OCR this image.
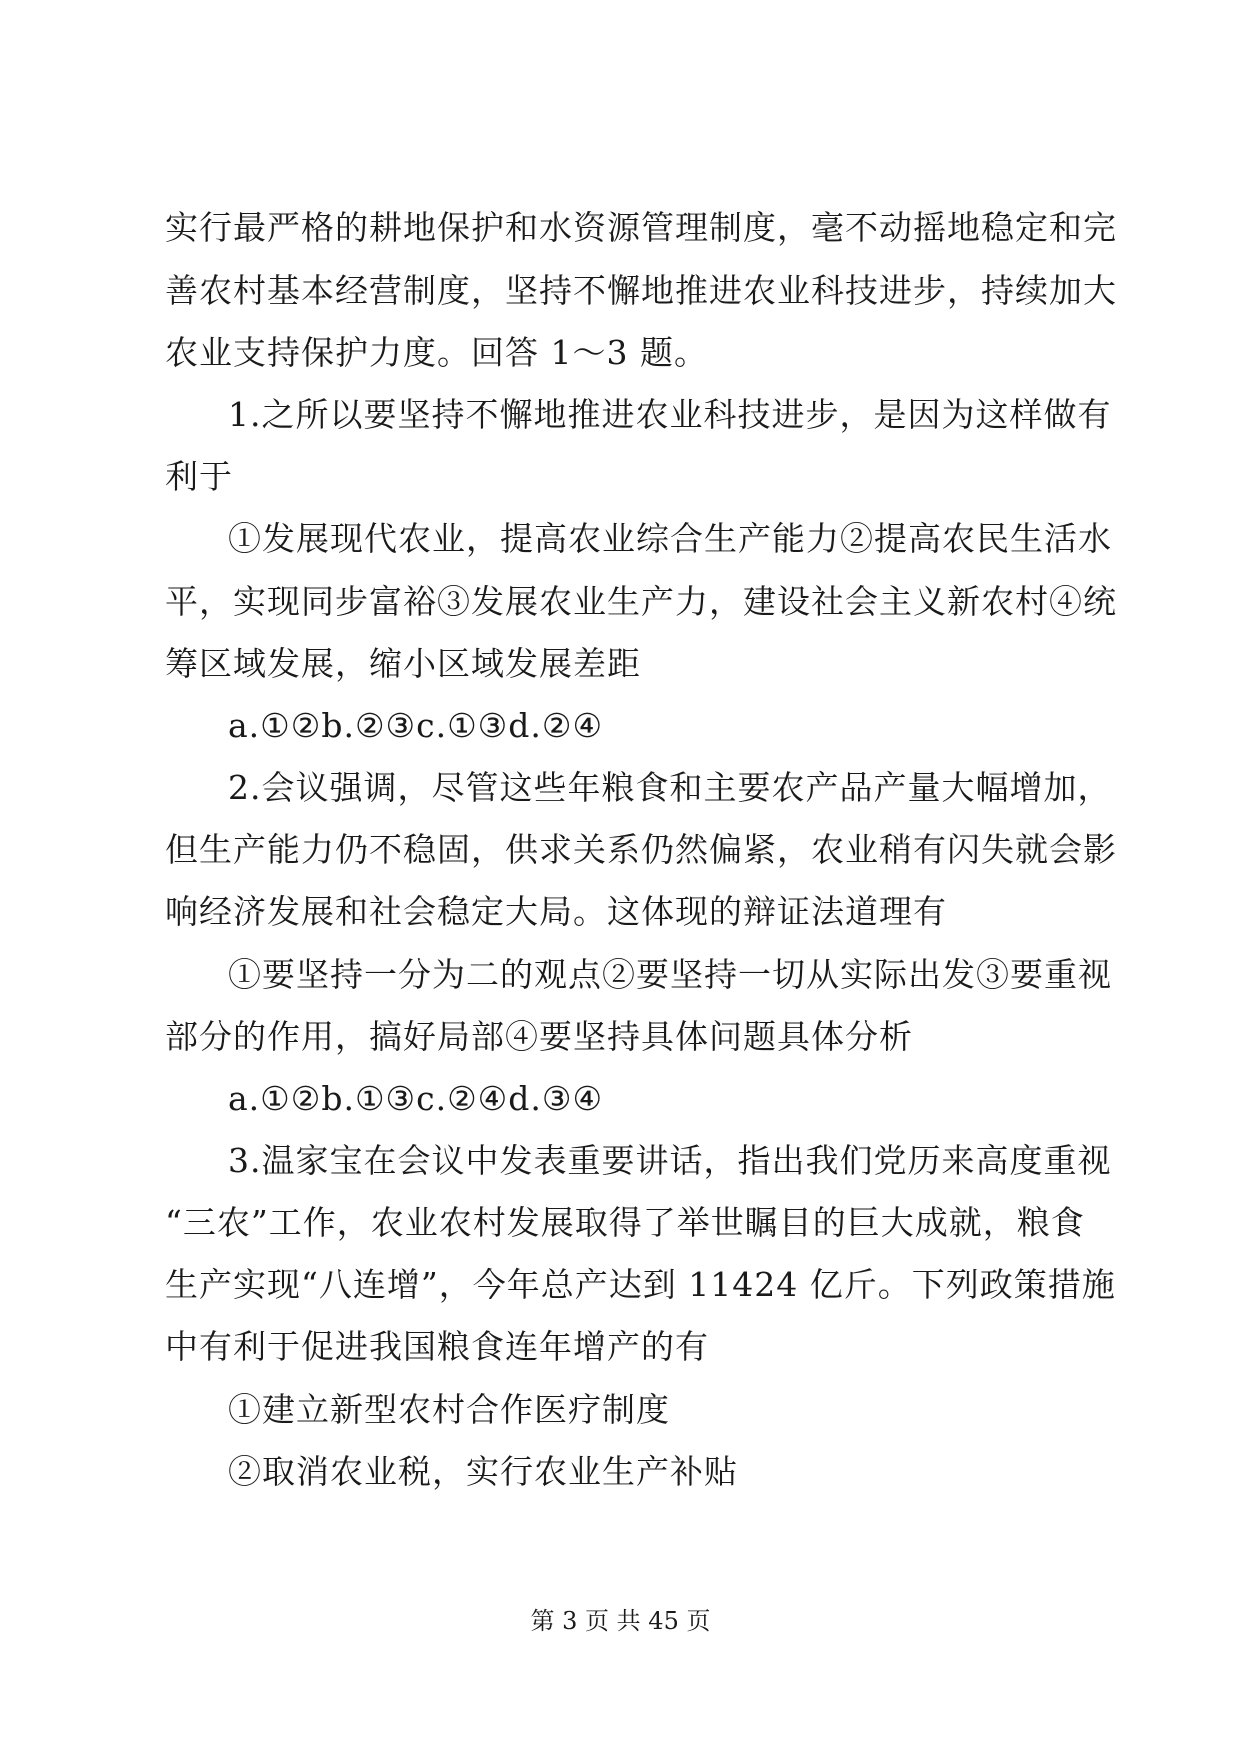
实行最严格的耕地保护和水资源管理制度，毫不动摇地稳定和完
善农村基本经营制度，坚持不懈地推进农业科技进步，持续加大
农业支持保护力度。回答 1～3 题。
1.之所以要坚持不懈地推进农业科技进步，是因为这样做有
利于
①发展现代农业，提高农业综合生产能力②提高农民生活水
平，实现同步富裕③发展农业生产力，建设社会主义新农村④统
筹区域发展，缩小区域发展差距
a.①②b.②③c.①③d.②④
2.会议强调，尽管这些年粮食和主要农产品产量大幅增加，
但生产能力仍不稳固，供求关系仍然偏紧，农业稍有闪失就会影
响经济发展和社会稳定大局。这体现的辩证法道理有
①要坚持一分为二的观点②要坚持一切从实际出发③要重视
部分的作用，搞好局部④要坚持具体问题具体分析
a.①②b.①③c.②④d.③④
3.温家宝在会议中发表重要讲话，指出我们党历来高度重视
“三农”工作，农业农村发展取得了举世瞩目的巨大成就，粮食
生产实现“八连增”，今年总产达到 11424 亿斤。下列政策措施
中有利于促进我国粮食连年增产的有
①建立新型农村合作医疗制度
②取消农业税，实行农业生产补贴
第 3 页 共 45 页
